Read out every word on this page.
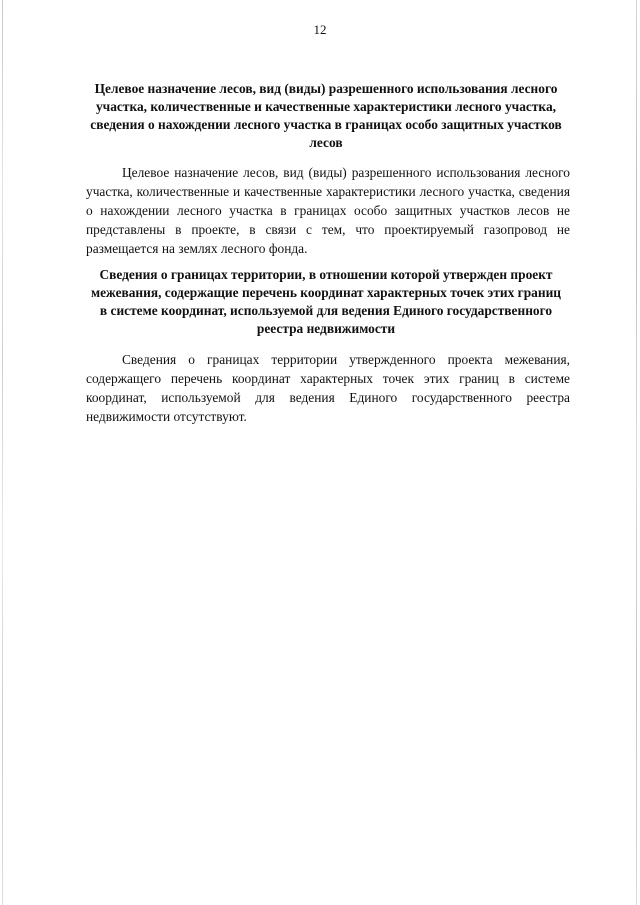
12
Целевое назначение лесов, вид (виды) разрешенного использования лесного участка, количественные и качественные характеристики лесного участка, сведения о нахождении лесного участка в границах особо защитных участков лесов

Целевое назначение лесов, вид (виды) разрешенного использования лесного участка, количественные и качественные характеристики лесного участка, сведения о нахождении лесного участка в границах особо защитных участков лесов не представлены в проекте, в связи с тем, что проектируемый газопровод не размещается на землях лесного фонда.

Сведения о границах территории, в отношении которой утвержден проект межевания, содержащие перечень координат характерных точек этих границ в системе координат, используемой для ведения Единого государственного реестра недвижимости

Сведения о границах территории утвержденного проекта межевания, содержащего перечень координат характерных точек этих границ в системе координат, используемой для ведения Единого государственного реестра недвижимости отсутствуют.
